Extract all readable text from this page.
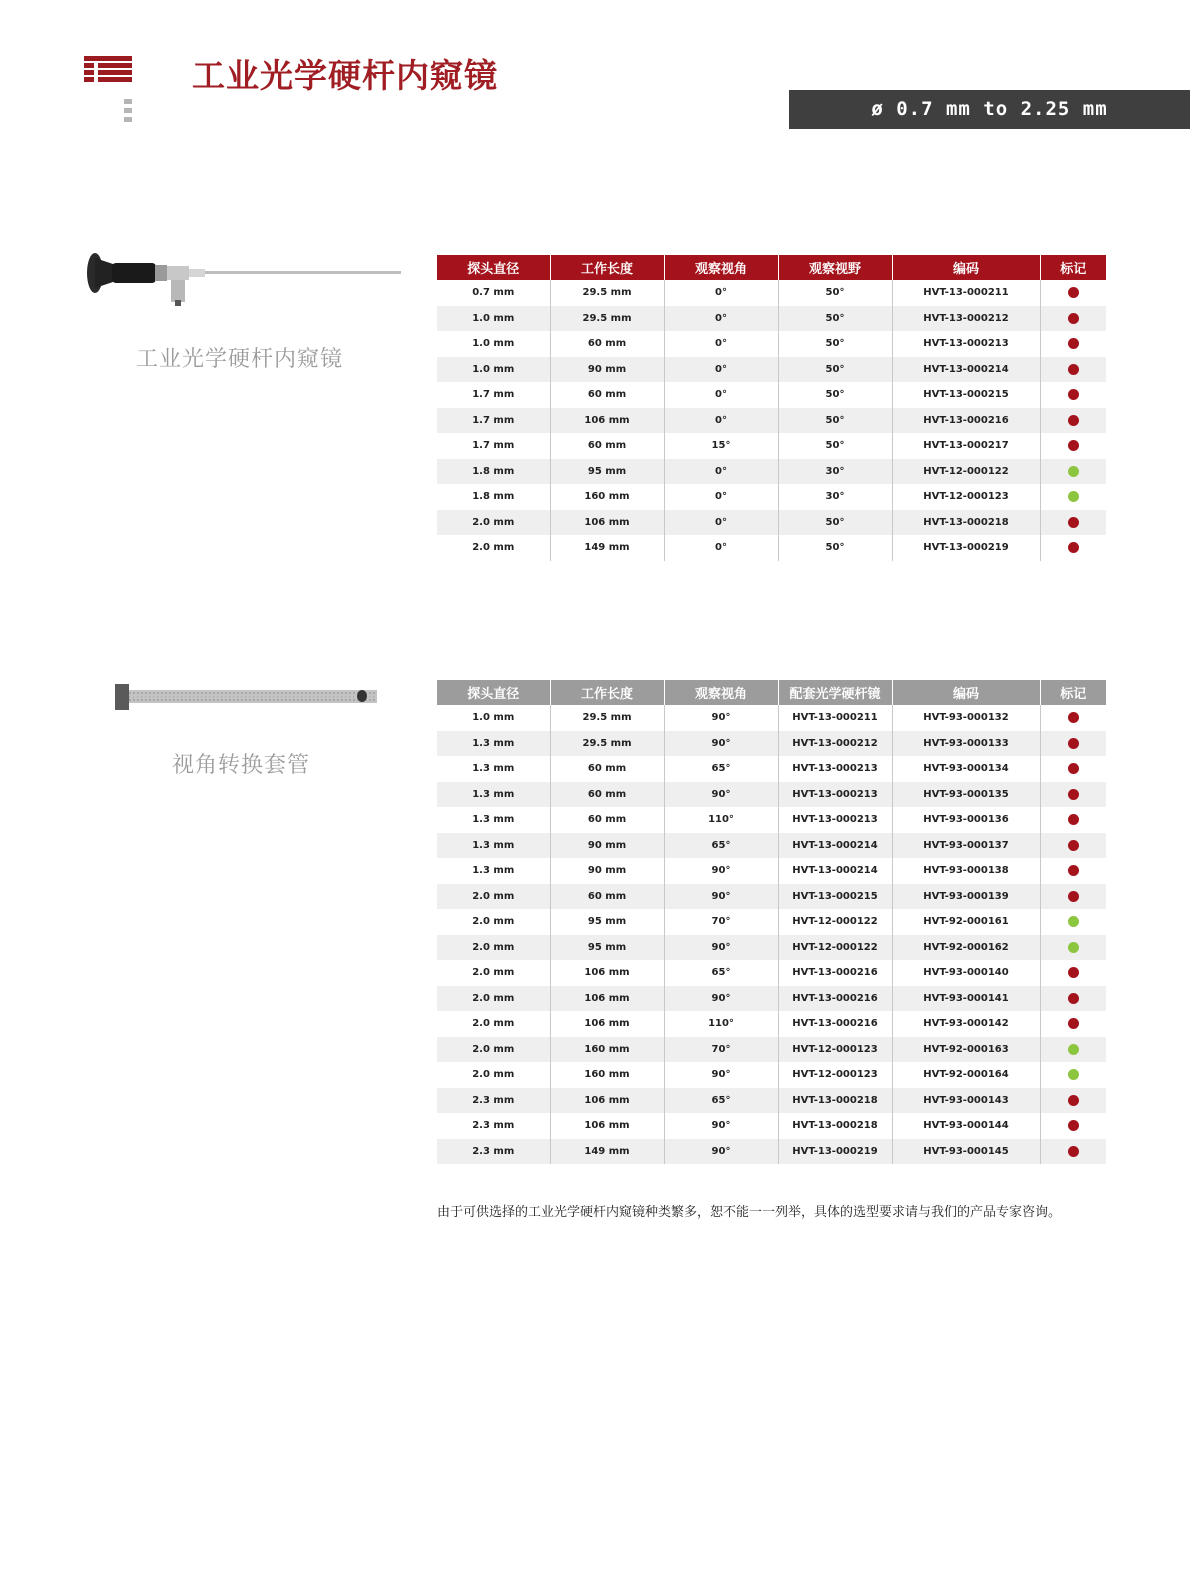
工业光学硬杆内窥镜
ø 0.7 mm to 2.25 mm
工业光学硬杆内窥镜
探头直径	工作长度	观察视角	观察视野	编码	标记
0.7 mm	29.5 mm	0°	50°	HVT-13-000211	
1.0 mm	29.5 mm	0°	50°	HVT-13-000212	
1.0 mm	60 mm	0°	50°	HVT-13-000213	
1.0 mm	90 mm	0°	50°	HVT-13-000214	
1.7 mm	60 mm	0°	50°	HVT-13-000215	
1.7 mm	106 mm	0°	50°	HVT-13-000216	
1.7 mm	60 mm	15°	50°	HVT-13-000217	
1.8 mm	95 mm	0°	30°	HVT-12-000122	
1.8 mm	160 mm	0°	30°	HVT-12-000123	
2.0 mm	106 mm	0°	50°	HVT-13-000218	
2.0 mm	149 mm	0°	50°	HVT-13-000219	
视角转换套管
探头直径	工作长度	观察视角	配套光学硬杆镜	编码	标记
1.0 mm	29.5 mm	90°	HVT-13-000211	HVT-93-000132	
1.3 mm	29.5 mm	90°	HVT-13-000212	HVT-93-000133	
1.3 mm	60 mm	65°	HVT-13-000213	HVT-93-000134	
1.3 mm	60 mm	90°	HVT-13-000213	HVT-93-000135	
1.3 mm	60 mm	110°	HVT-13-000213	HVT-93-000136	
1.3 mm	90 mm	65°	HVT-13-000214	HVT-93-000137	
1.3 mm	90 mm	90°	HVT-13-000214	HVT-93-000138	
2.0 mm	60 mm	90°	HVT-13-000215	HVT-93-000139	
2.0 mm	95 mm	70°	HVT-12-000122	HVT-92-000161	
2.0 mm	95 mm	90°	HVT-12-000122	HVT-92-000162	
2.0 mm	106 mm	65°	HVT-13-000216	HVT-93-000140	
2.0 mm	106 mm	90°	HVT-13-000216	HVT-93-000141	
2.0 mm	106 mm	110°	HVT-13-000216	HVT-93-000142	
2.0 mm	160 mm	70°	HVT-12-000123	HVT-92-000163	
2.0 mm	160 mm	90°	HVT-12-000123	HVT-92-000164	
2.3 mm	106 mm	65°	HVT-13-000218	HVT-93-000143	
2.3 mm	106 mm	90°	HVT-13-000218	HVT-93-000144	
2.3 mm	149 mm	90°	HVT-13-000219	HVT-93-000145	
由于可供选择的工业光学硬杆内窥镜种类繁多，恕不能一一列举，具体的选型要求请与我们的产品专家咨询。
